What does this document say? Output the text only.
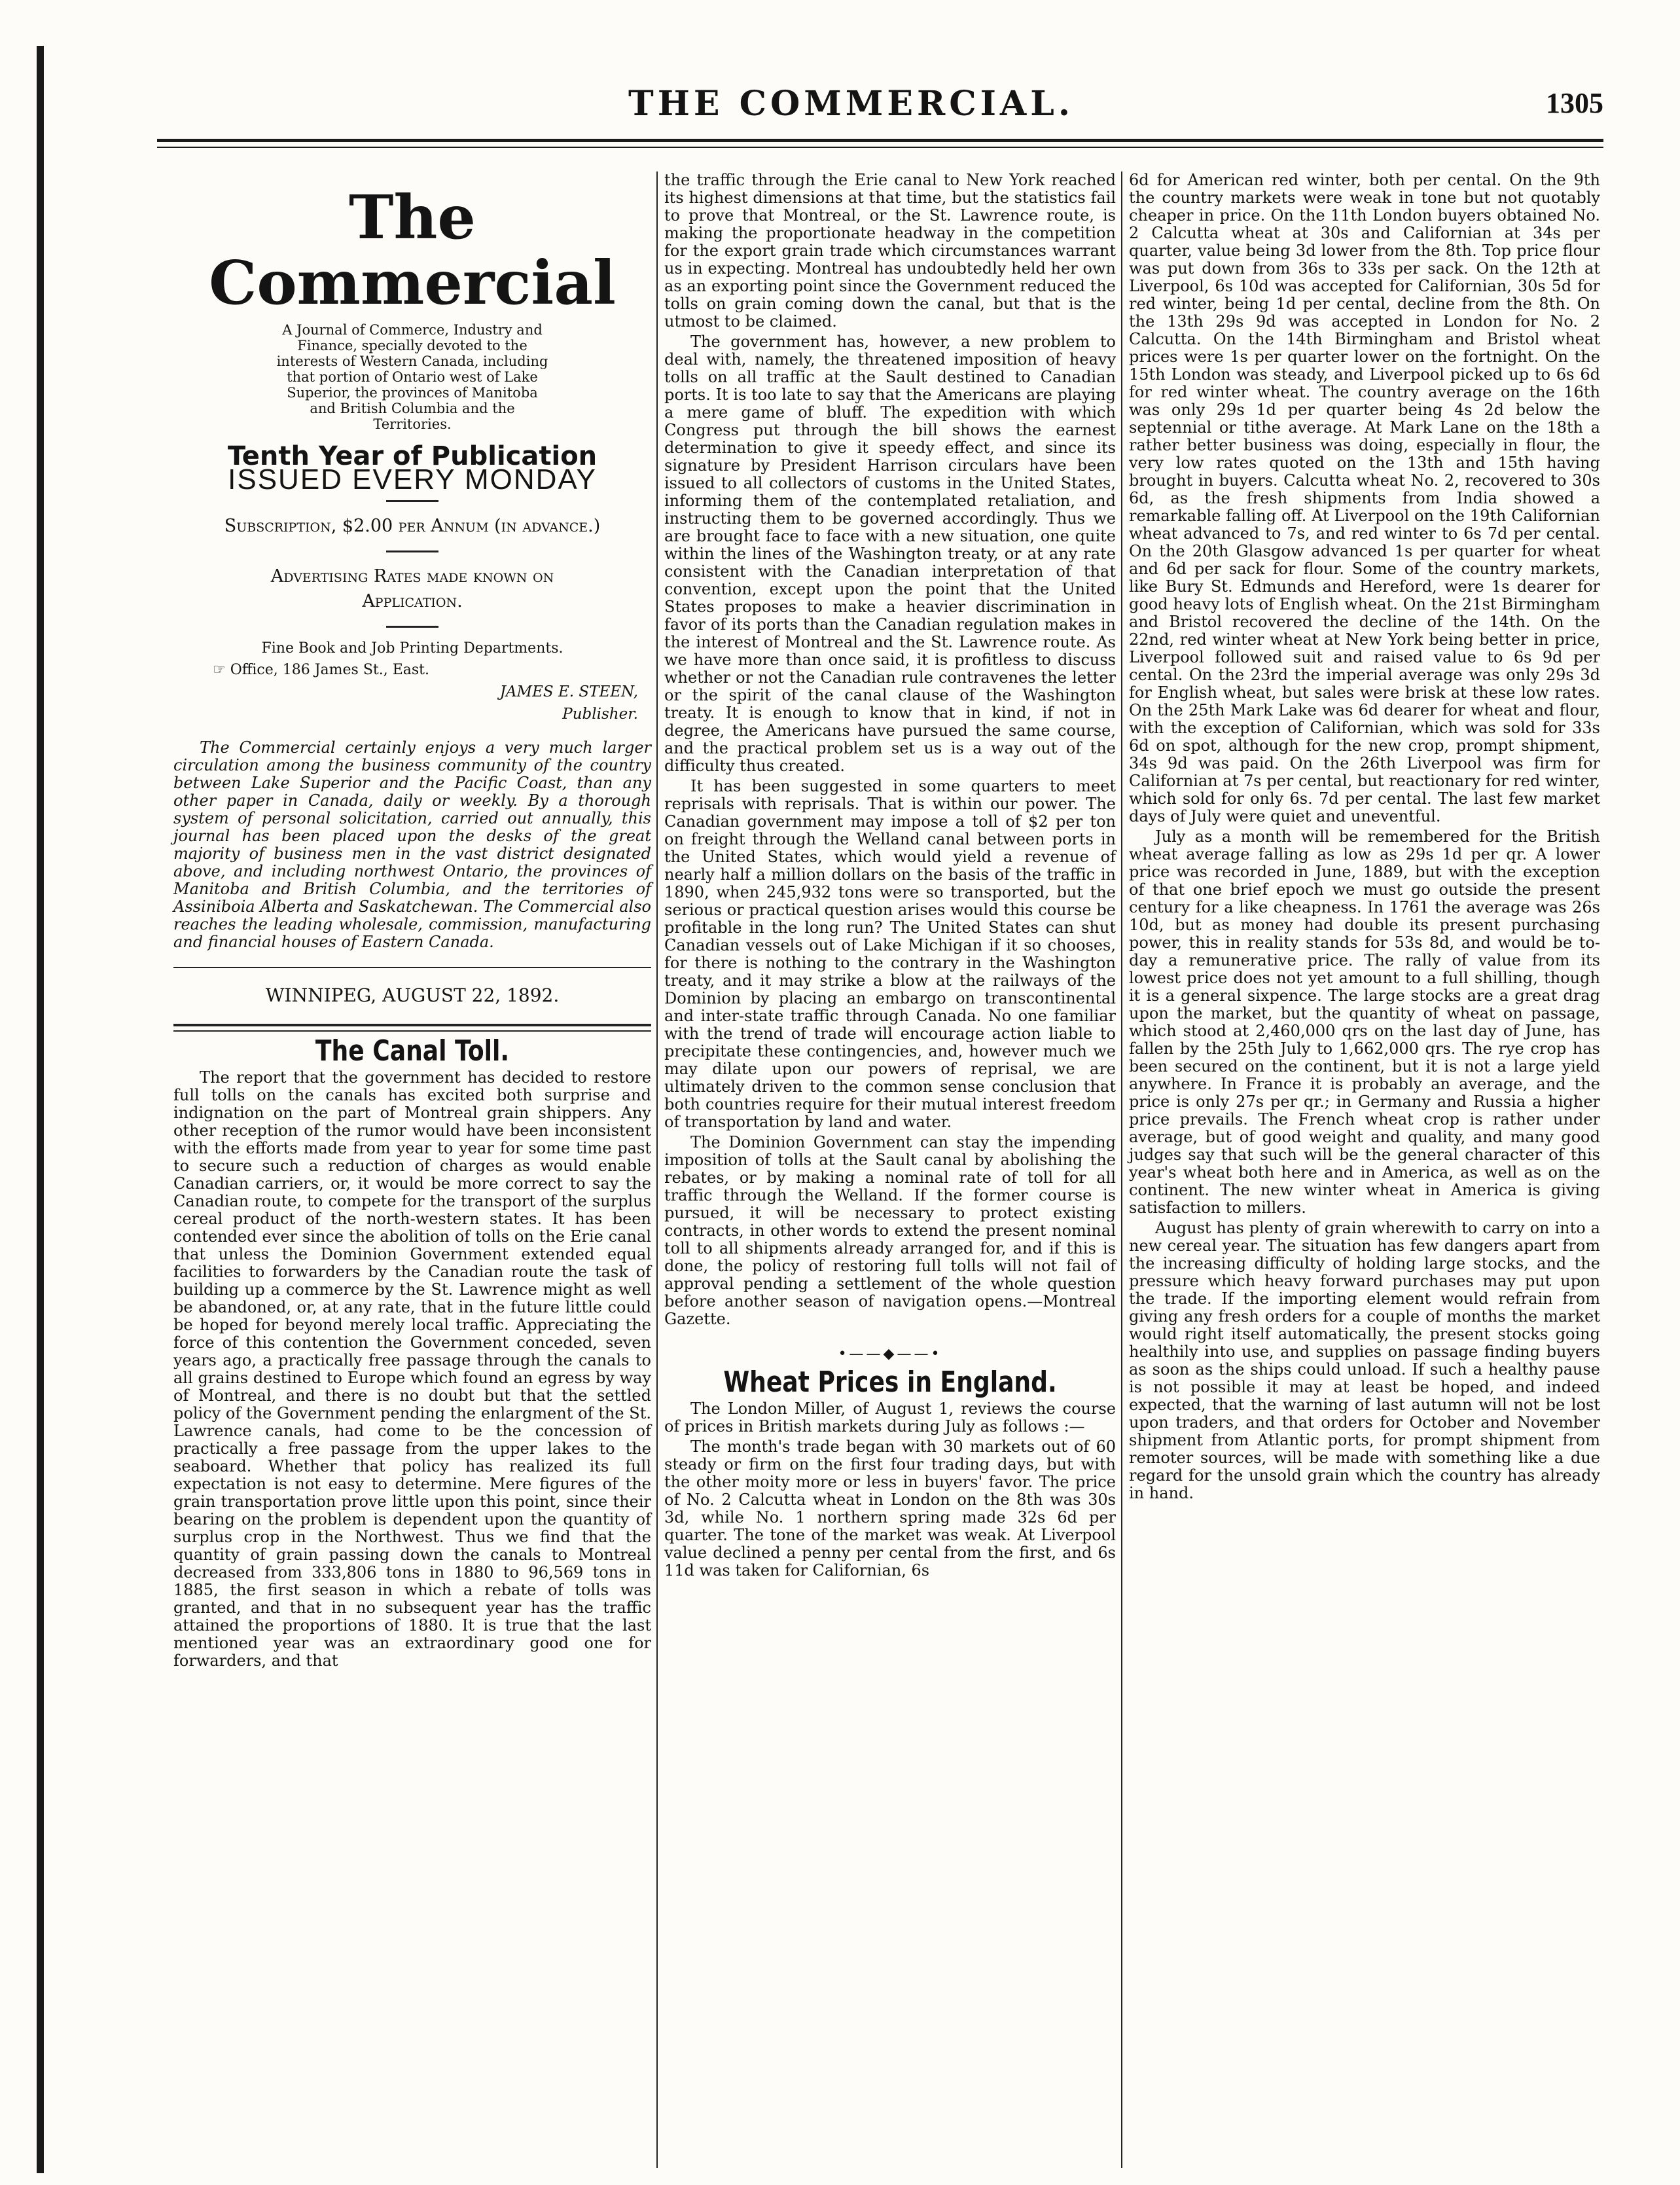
THE COMMERCIAL.	1305
The Commercial
A Journal of Commerce, Industry and Finance, specially devoted to the interests of Western Canada, including that portion of Ontario west of Lake Superior, the provinces of Manitoba and British Columbia and the Territories.
Tenth Year of Publication
ISSUED EVERY MONDAY
Subscription, $2.00 per Annum (in advance.)
Advertising Rates made known on
Application.
Fine Book and Job Printing Departments.
☞ Office, 186 James St., East.
JAMES E. STEEN,
Publisher.
The Commercial certainly enjoys a very much larger circulation among the business community of the country between Lake Superior and the Pacific Coast, than any other paper in Canada, daily or weekly. By a thorough system of personal solicitation, carried out annually, this journal has been placed upon the desks of the great majority of business men in the vast district designated above, and including northwest Ontario, the provinces of Manitoba and British Columbia, and the territories of Assiniboia Alberta and Saskatchewan. The Commercial also reaches the leading wholesale, commission, manufacturing and financial houses of Eastern Canada.
WINNIPEG, AUGUST 22, 1892.
The Canal Toll.

The report that the government has decided to restore full tolls on the canals has excited both surprise and indignation on the part of Montreal grain shippers. Any other reception of the rumor would have been inconsistent with the efforts made from year to year for some time past to secure such a reduction of charges as would enable Canadian carriers, or, it would be more correct to say the Canadian route, to compete for the transport of the surplus cereal product of the north-western states. It has been contended ever since the abolition of tolls on the Erie canal that unless the Dominion Government extended equal facilities to forwarders by the Canadian route the task of building up a commerce by the St. Lawrence might as well be abandoned, or, at any rate, that in the future little could be hoped for beyond merely local traffic. Appreciating the force of this contention the Government conceded, seven years ago, a practically free passage through the canals to all grains destined to Europe which found an egress by way of Montreal, and there is no doubt but that the settled policy of the Government pending the enlargment of the St. Lawrence canals, had come to be the concession of practically a free passage from the upper lakes to the seaboard. Whether that policy has realized its full expectation is not easy to determine. Mere figures of the grain transportation prove little upon this point, since their bearing on the problem is dependent upon the quantity of surplus crop in the Northwest. Thus we find that the quantity of grain passing down the canals to Montreal decreased from 333,806 tons in 1880 to 96,569 tons in 1885, the first season in which a rebate of tolls was granted, and that in no subsequent year has the traffic attained the proportions of 1880. It is true that the last mentioned year was an extraordinary good one for forwarders, and that

the traffic through the Erie canal to New York reached its highest dimensions at that time, but the statistics fail to prove that Montreal, or the St. Lawrence route, is making the proportionate headway in the competition for the export grain trade which circumstances warrant us in expecting. Montreal has undoubtedly held her own as an exporting point since the Government reduced the tolls on grain coming down the canal, but that is the utmost to be claimed.

The government has, however, a new problem to deal with, namely, the threatened imposition of heavy tolls on all traffic at the Sault destined to Canadian ports. It is too late to say that the Americans are playing a mere game of bluff. The expedition with which Congress put through the bill shows the earnest determination to give it speedy effect, and since its signature by President Harrison circulars have been issued to all collectors of customs in the United States, informing them of the contemplated retaliation, and instructing them to be governed accordingly. Thus we are brought face to face with a new situation, one quite within the lines of the Washington treaty, or at any rate consistent with the Canadian interpretation of that convention, except upon the point that the United States proposes to make a heavier discrimination in favor of its ports than the Canadian regulation makes in the interest of Montreal and the St. Lawrence route. As we have more than once said, it is profitless to discuss whether or not the Canadian rule contravenes the letter or the spirit of the canal clause of the Washington treaty. It is enough to know that in kind, if not in degree, the Americans have pursued the same course, and the practical problem set us is a way out of the difficulty thus created.

It has been suggested in some quarters to meet reprisals with reprisals. That is within our power. The Canadian government may impose a toll of $2 per ton on freight through the Welland canal between ports in the United States, which would yield a revenue of nearly half a million dollars on the basis of the traffic in 1890, when 245,932 tons were so transported, but the serious or practical question arises would this course be profitable in the long run? The United States can shut Canadian vessels out of Lake Michigan if it so chooses, for there is nothing to the contrary in the Washington treaty, and it may strike a blow at the railways of the Dominion by placing an embargo on transcontinental and inter-state traffic through Canada. No one familiar with the trend of trade will encourage action liable to precipitate these contingencies, and, however much we may dilate upon our powers of reprisal, we are ultimately driven to the common sense conclusion that both countries require for their mutual interest freedom of transportation by land and water.

The Dominion Government can stay the impending imposition of tolls at the Sault canal by abolishing the rebates, or by making a nominal rate of toll for all traffic through the Welland. If the former course is pursued, it will be necessary to protect existing contracts, in other words to extend the present nominal toll to all shipments already arranged for, and if this is done, the policy of restoring full tolls will not fail of approval pending a settlement of the whole question before another season of navigation opens.—Montreal Gazette.

•——◆——•
Wheat Prices in England.

The London Miller, of August 1, reviews the course of prices in British markets during July as follows :—

The month's trade began with 30 markets out of 60 steady or firm on the first four trading days, but with the other moity more or less in buyers' favor. The price of No. 2 Calcutta wheat in London on the 8th was 30s 3d, while No. 1 northern spring made 32s 6d per quarter. The tone of the market was weak. At Liverpool value declined a penny per cental from the first, and 6s 11d was taken for Californian, 6s

6d for American red winter, both per cental. On the 9th the country markets were weak in tone but not quotably cheaper in price. On the 11th London buyers obtained No. 2 Calcutta wheat at 30s and Californian at 34s per quarter, value being 3d lower from the 8th. Top price flour was put down from 36s to 33s per sack. On the 12th at Liverpool, 6s 10d was accepted for Californian, 30s 5d for red winter, being 1d per cental, decline from the 8th. On the 13th 29s 9d was accepted in London for No. 2 Calcutta. On the 14th Birmingham and Bristol wheat prices were 1s per quarter lower on the fortnight. On the 15th London was steady, and Liverpool picked up to 6s 6d for red winter wheat. The country average on the 16th was only 29s 1d per quarter being 4s 2d below the septennial or tithe average. At Mark Lane on the 18th a rather better business was doing, especially in flour, the very low rates quoted on the 13th and 15th having brought in buyers. Calcutta wheat No. 2, recovered to 30s 6d, as the fresh shipments from India showed a remarkable falling off. At Liverpool on the 19th Californian wheat advanced to 7s, and red winter to 6s 7d per cental. On the 20th Glasgow advanced 1s per quarter for wheat and 6d per sack for flour. Some of the country markets, like Bury St. Edmunds and Hereford, were 1s dearer for good heavy lots of English wheat. On the 21st Birmingham and Bristol recovered the decline of the 14th. On the 22nd, red winter wheat at New York being better in price, Liverpool followed suit and raised value to 6s 9d per cental. On the 23rd the imperial average was only 29s 3d for English wheat, but sales were brisk at these low rates. On the 25th Mark Lake was 6d dearer for wheat and flour, with the exception of Californian, which was sold for 33s 6d on spot, although for the new crop, prompt shipment, 34s 9d was paid. On the 26th Liverpool was firm for Californian at 7s per cental, but reactionary for red winter, which sold for only 6s. 7d per cental. The last few market days of July were quiet and uneventful.

July as a month will be remembered for the British wheat average falling as low as 29s 1d per qr. A lower price was recorded in June, 1889, but with the exception of that one brief epoch we must go outside the present century for a like cheapness. In 1761 the average was 26s 10d, but as money had double its present purchasing power, this in reality stands for 53s 8d, and would be to-day a remunerative price. The rally of value from its lowest price does not yet amount to a full shilling, though it is a general sixpence. The large stocks are a great drag upon the market, but the quantity of wheat on passage, which stood at 2,460,000 qrs on the last day of June, has fallen by the 25th July to 1,662,000 qrs. The rye crop has been secured on the continent, but it is not a large yield anywhere. In France it is probably an average, and the price is only 27s per qr.; in Germany and Russia a higher price prevails. The French wheat crop is rather under average, but of good weight and quality, and many good judges say that such will be the general character of this year's wheat both here and in America, as well as on the continent. The new winter wheat in America is giving satisfaction to millers.

August has plenty of grain wherewith to carry on into a new cereal year. The situation has few dangers apart from the increasing difficulty of holding large stocks, and the pressure which heavy forward purchases may put upon the trade. If the importing element would refrain from giving any fresh orders for a couple of months the market would right itself automatically, the present stocks going healthily into use, and supplies on passage finding buyers as soon as the ships could unload. If such a healthy pause is not possible it may at least be hoped, and indeed expected, that the warning of last autumn will not be lost upon traders, and that orders for October and November shipment from Atlantic ports, for prompt shipment from remoter sources, will be made with something like a due regard for the unsold grain which the country has already in hand.
